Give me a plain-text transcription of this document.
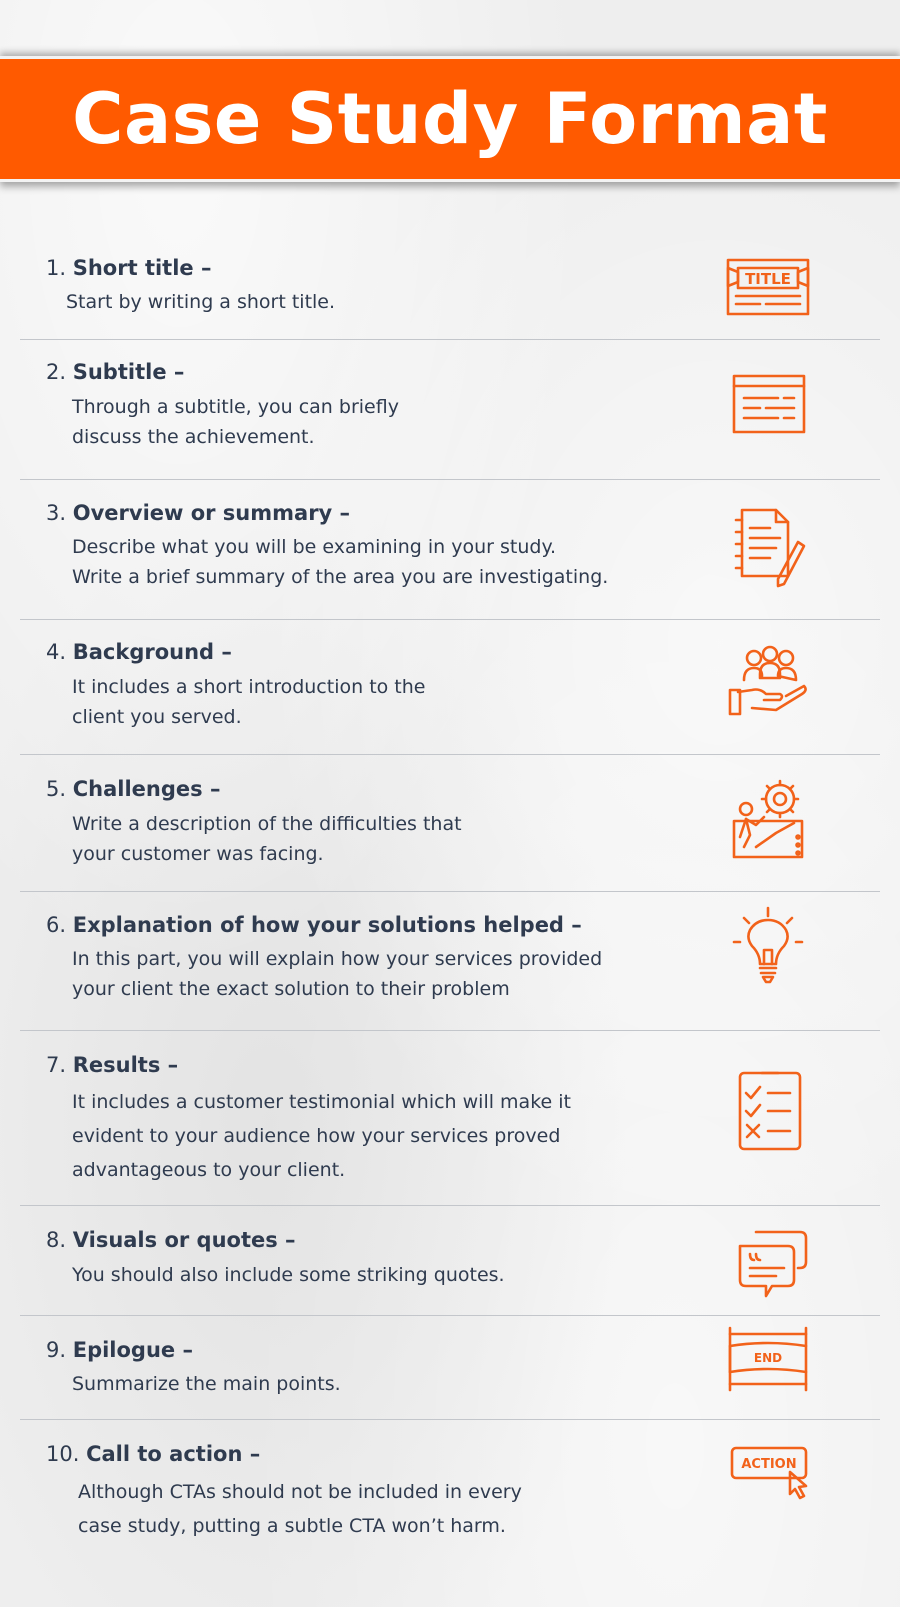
Case Study Format
1. Short title –
Start by writing a short title.
TITLE
2. Subtitle –
Through a subtitle, you can briefly
discuss the achievement.
3. Overview or summary –
Describe what you will be examining in your study.
Write a brief summary of the area you are investigating.
4. Background –
It includes a short introduction to the
client you served.
5. Challenges –
Write a description of the difficulties that
your customer was facing.
6. Explanation of how your solutions helped –
In this part, you will explain how your services provided
your client the exact solution to their problem
7. Results –
It includes a customer testimonial which will make it
evident to your audience how your services proved
advantageous to your client.
8. Visuals or quotes –
You should also include some striking quotes.
9. Epilogue –
Summarize the main points.
END
10. Call to action –
Although CTAs should not be included in every
case study, putting a subtle CTA won’t harm.
ACTION
